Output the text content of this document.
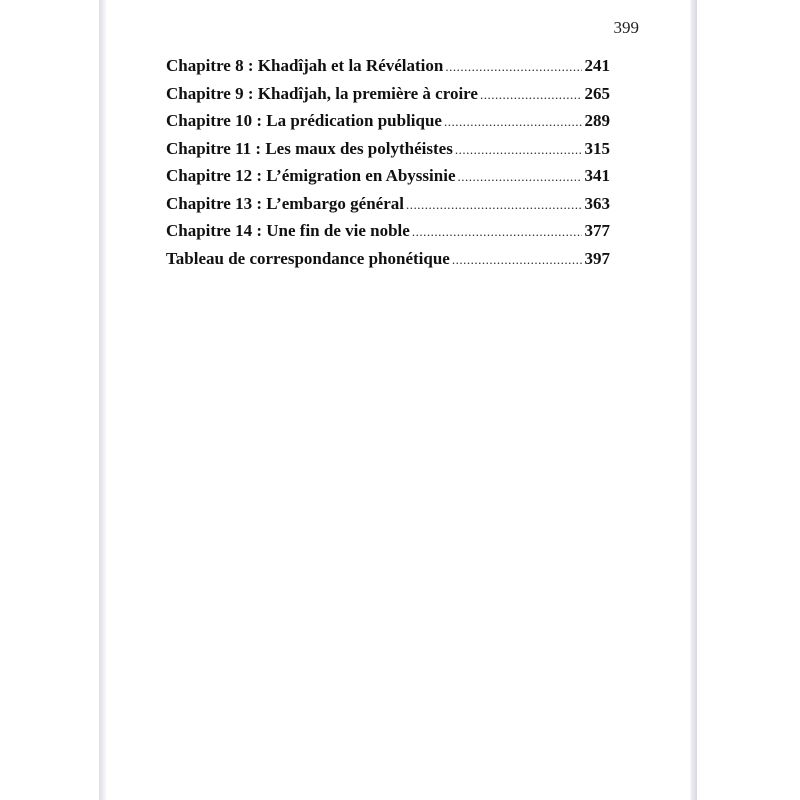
399
Chapitre 8 : Khadîjah et la Révélation .....	241
Chapitre 9 : Khadîjah, la première à croire .....	265
Chapitre 10 : La prédication publique .....	289
Chapitre 11 : Les maux des polythéistes .....	315
Chapitre 12 : L’émigration en Abyssinie .....	341
Chapitre 13 : L’embargo général .....	363
Chapitre 14 : Une fin de vie noble .....	377
Tableau de correspondance phonétique .....	397
